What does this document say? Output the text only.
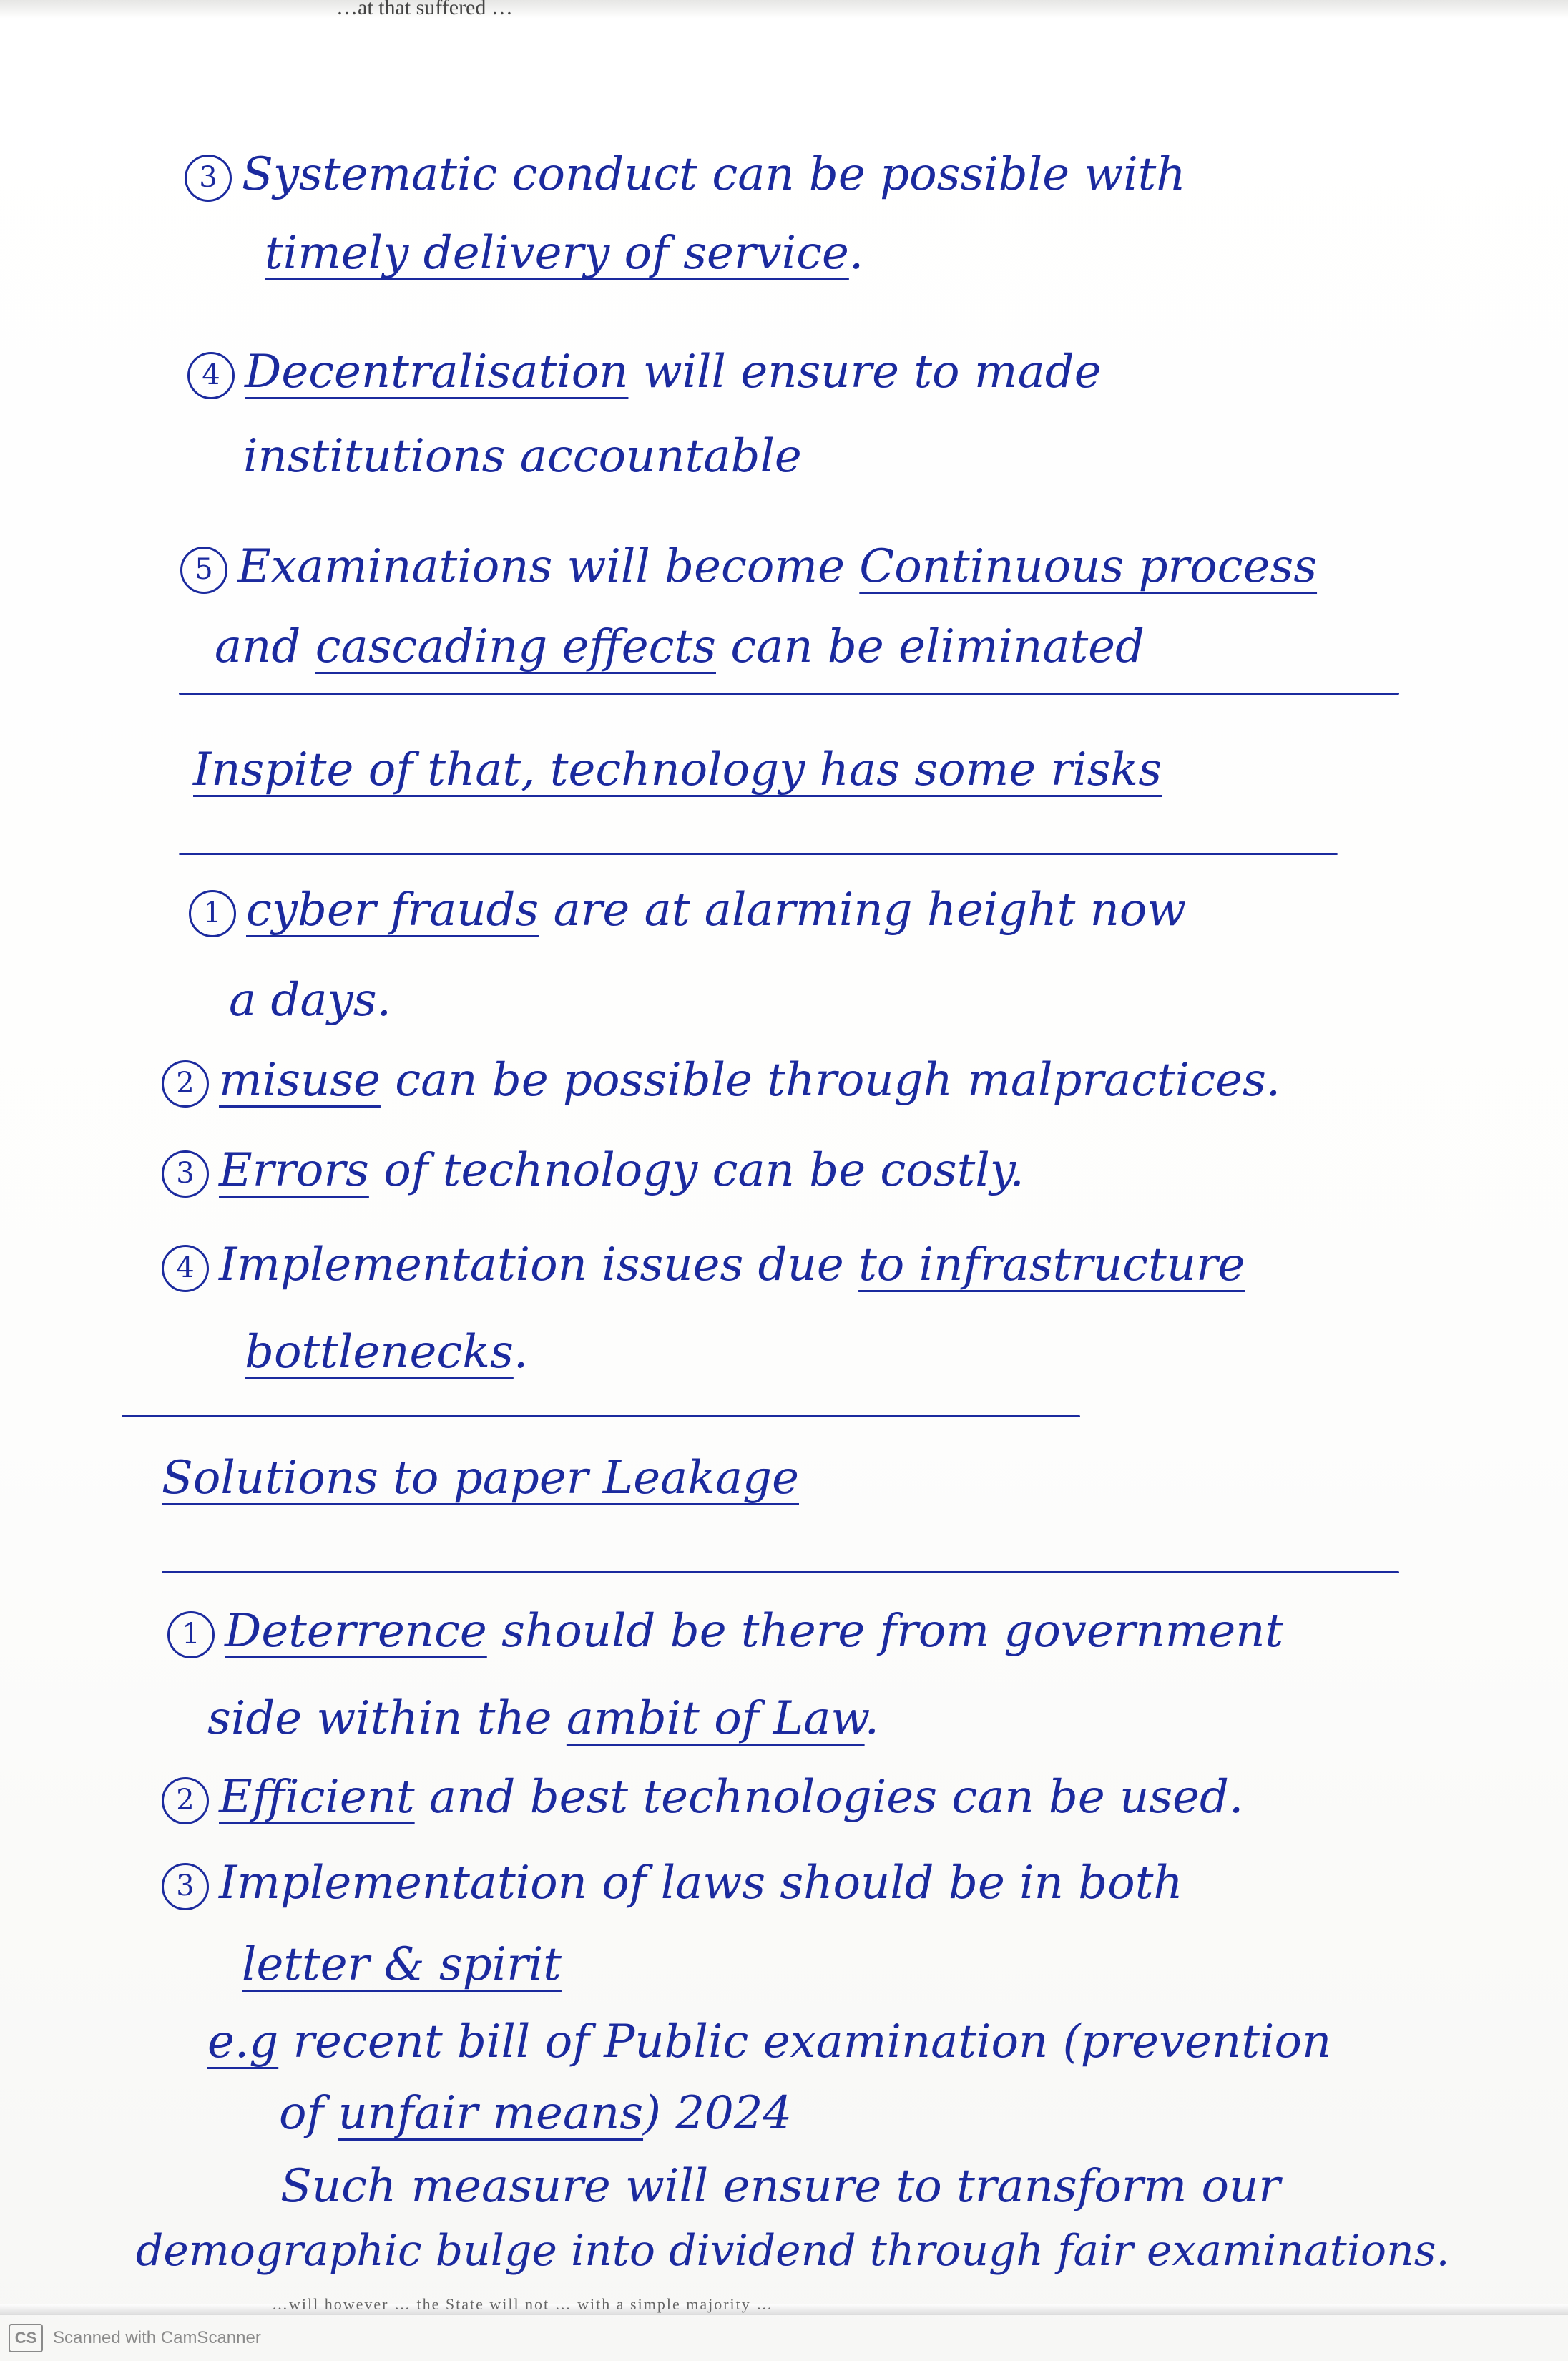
…at that suffered …
3 Systematic conduct can be possible with
timely delivery of service.
4 Decentralisation will ensure to made
institutions accountable
5 Examinations will become Continuous process
and cascading effects can be eliminated
Inspite of that, technology has some risks
1 cyber frauds are at alarming height now
a days.
2 misuse can be possible through malpractices.
3 Errors of technology can be costly.
4 Implementation issues due to infrastructure
bottlenecks.
Solutions to paper Leakage
1 Deterrence should be there from government
side within the ambit of Law.
2 Efficient and best technologies can be used.
3 Implementation of laws should be in both
letter & spirit
e.g recent bill of Public examination (prevention
of unfair means) 2024
Such measure will ensure to transform our
demographic bulge into dividend through fair examinations.
…will however … the State will not … with a simple majority …
CS Scanned with CamScanner
